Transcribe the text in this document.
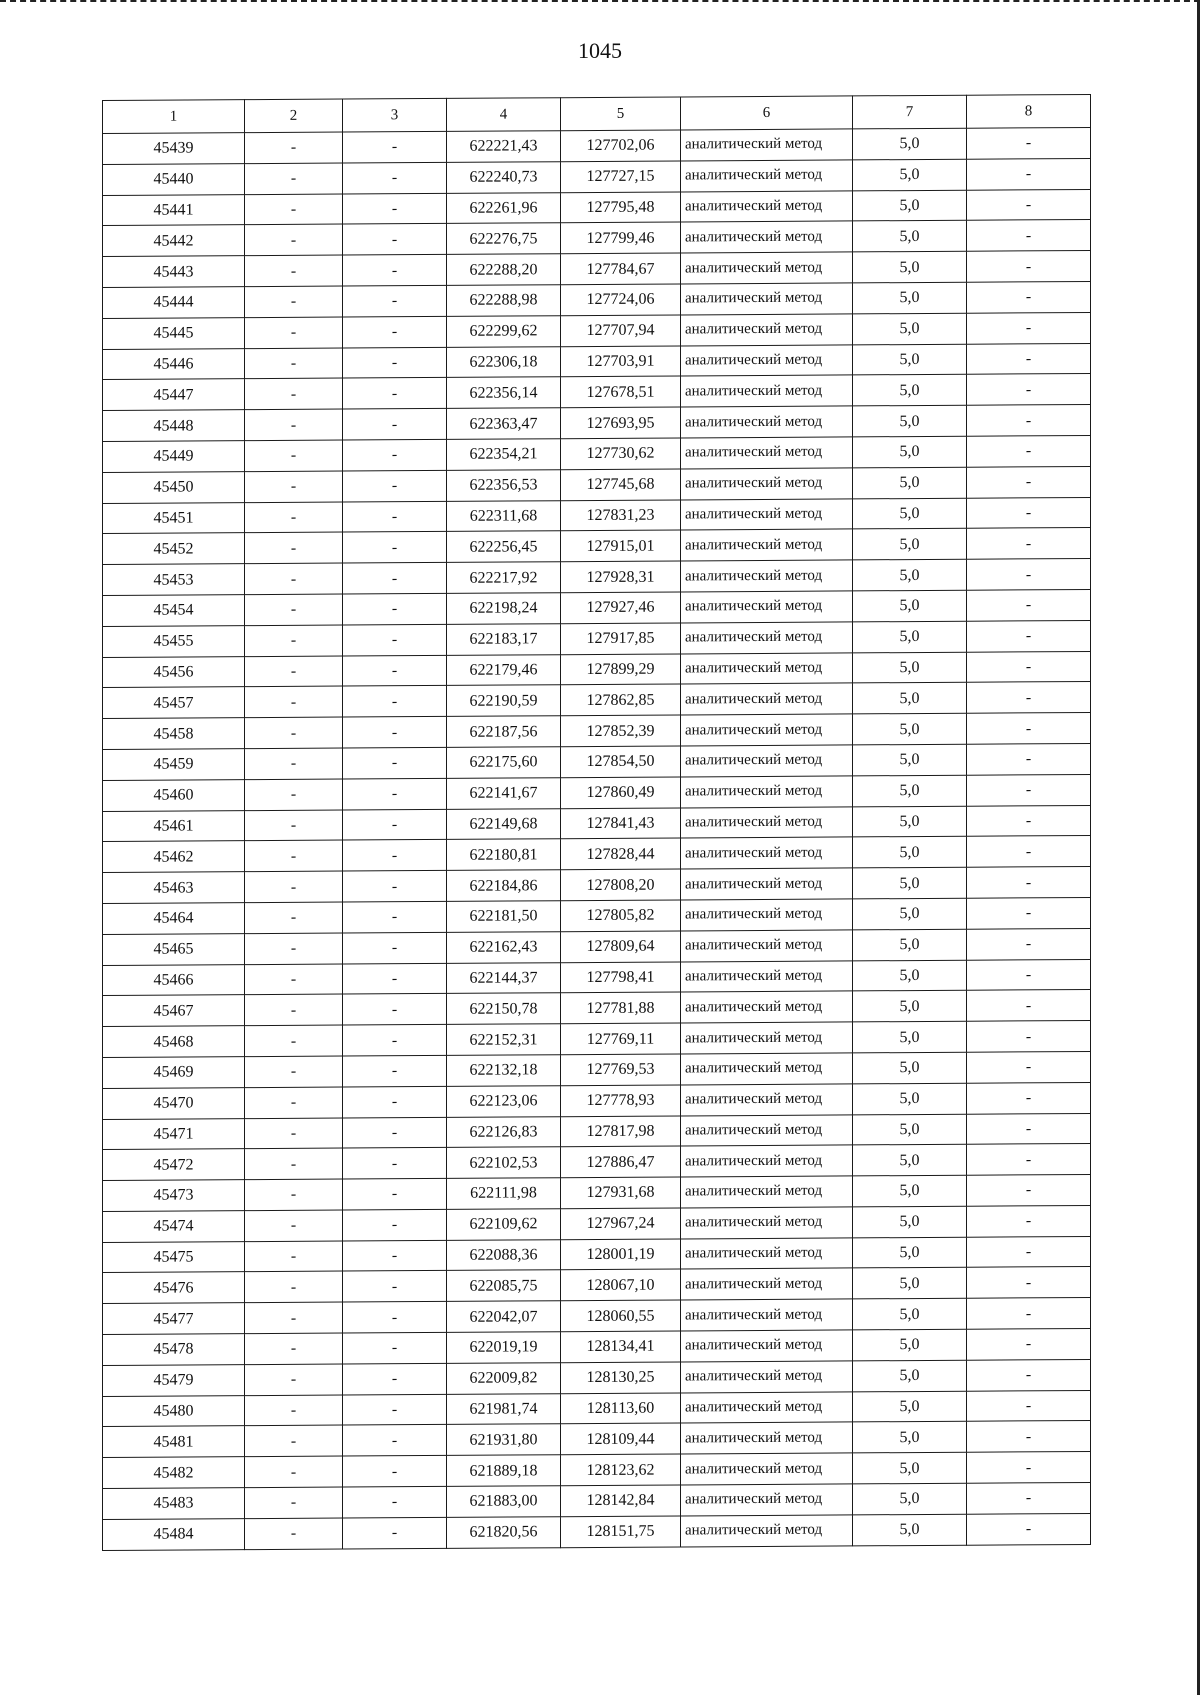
1045
1	2	3	4	5	6	7	8
45439	-	-	622221,43	127702,06	аналитический метод	5,0	-
45440	-	-	622240,73	127727,15	аналитический метод	5,0	-
45441	-	-	622261,96	127795,48	аналитический метод	5,0	-
45442	-	-	622276,75	127799,46	аналитический метод	5,0	-
45443	-	-	622288,20	127784,67	аналитический метод	5,0	-
45444	-	-	622288,98	127724,06	аналитический метод	5,0	-
45445	-	-	622299,62	127707,94	аналитический метод	5,0	-
45446	-	-	622306,18	127703,91	аналитический метод	5,0	-
45447	-	-	622356,14	127678,51	аналитический метод	5,0	-
45448	-	-	622363,47	127693,95	аналитический метод	5,0	-
45449	-	-	622354,21	127730,62	аналитический метод	5,0	-
45450	-	-	622356,53	127745,68	аналитический метод	5,0	-
45451	-	-	622311,68	127831,23	аналитический метод	5,0	-
45452	-	-	622256,45	127915,01	аналитический метод	5,0	-
45453	-	-	622217,92	127928,31	аналитический метод	5,0	-
45454	-	-	622198,24	127927,46	аналитический метод	5,0	-
45455	-	-	622183,17	127917,85	аналитический метод	5,0	-
45456	-	-	622179,46	127899,29	аналитический метод	5,0	-
45457	-	-	622190,59	127862,85	аналитический метод	5,0	-
45458	-	-	622187,56	127852,39	аналитический метод	5,0	-
45459	-	-	622175,60	127854,50	аналитический метод	5,0	-
45460	-	-	622141,67	127860,49	аналитический метод	5,0	-
45461	-	-	622149,68	127841,43	аналитический метод	5,0	-
45462	-	-	622180,81	127828,44	аналитический метод	5,0	-
45463	-	-	622184,86	127808,20	аналитический метод	5,0	-
45464	-	-	622181,50	127805,82	аналитический метод	5,0	-
45465	-	-	622162,43	127809,64	аналитический метод	5,0	-
45466	-	-	622144,37	127798,41	аналитический метод	5,0	-
45467	-	-	622150,78	127781,88	аналитический метод	5,0	-
45468	-	-	622152,31	127769,11	аналитический метод	5,0	-
45469	-	-	622132,18	127769,53	аналитический метод	5,0	-
45470	-	-	622123,06	127778,93	аналитический метод	5,0	-
45471	-	-	622126,83	127817,98	аналитический метод	5,0	-
45472	-	-	622102,53	127886,47	аналитический метод	5,0	-
45473	-	-	622111,98	127931,68	аналитический метод	5,0	-
45474	-	-	622109,62	127967,24	аналитический метод	5,0	-
45475	-	-	622088,36	128001,19	аналитический метод	5,0	-
45476	-	-	622085,75	128067,10	аналитический метод	5,0	-
45477	-	-	622042,07	128060,55	аналитический метод	5,0	-
45478	-	-	622019,19	128134,41	аналитический метод	5,0	-
45479	-	-	622009,82	128130,25	аналитический метод	5,0	-
45480	-	-	621981,74	128113,60	аналитический метод	5,0	-
45481	-	-	621931,80	128109,44	аналитический метод	5,0	-
45482	-	-	621889,18	128123,62	аналитический метод	5,0	-
45483	-	-	621883,00	128142,84	аналитический метод	5,0	-
45484	-	-	621820,56	128151,75	аналитический метод	5,0	-
